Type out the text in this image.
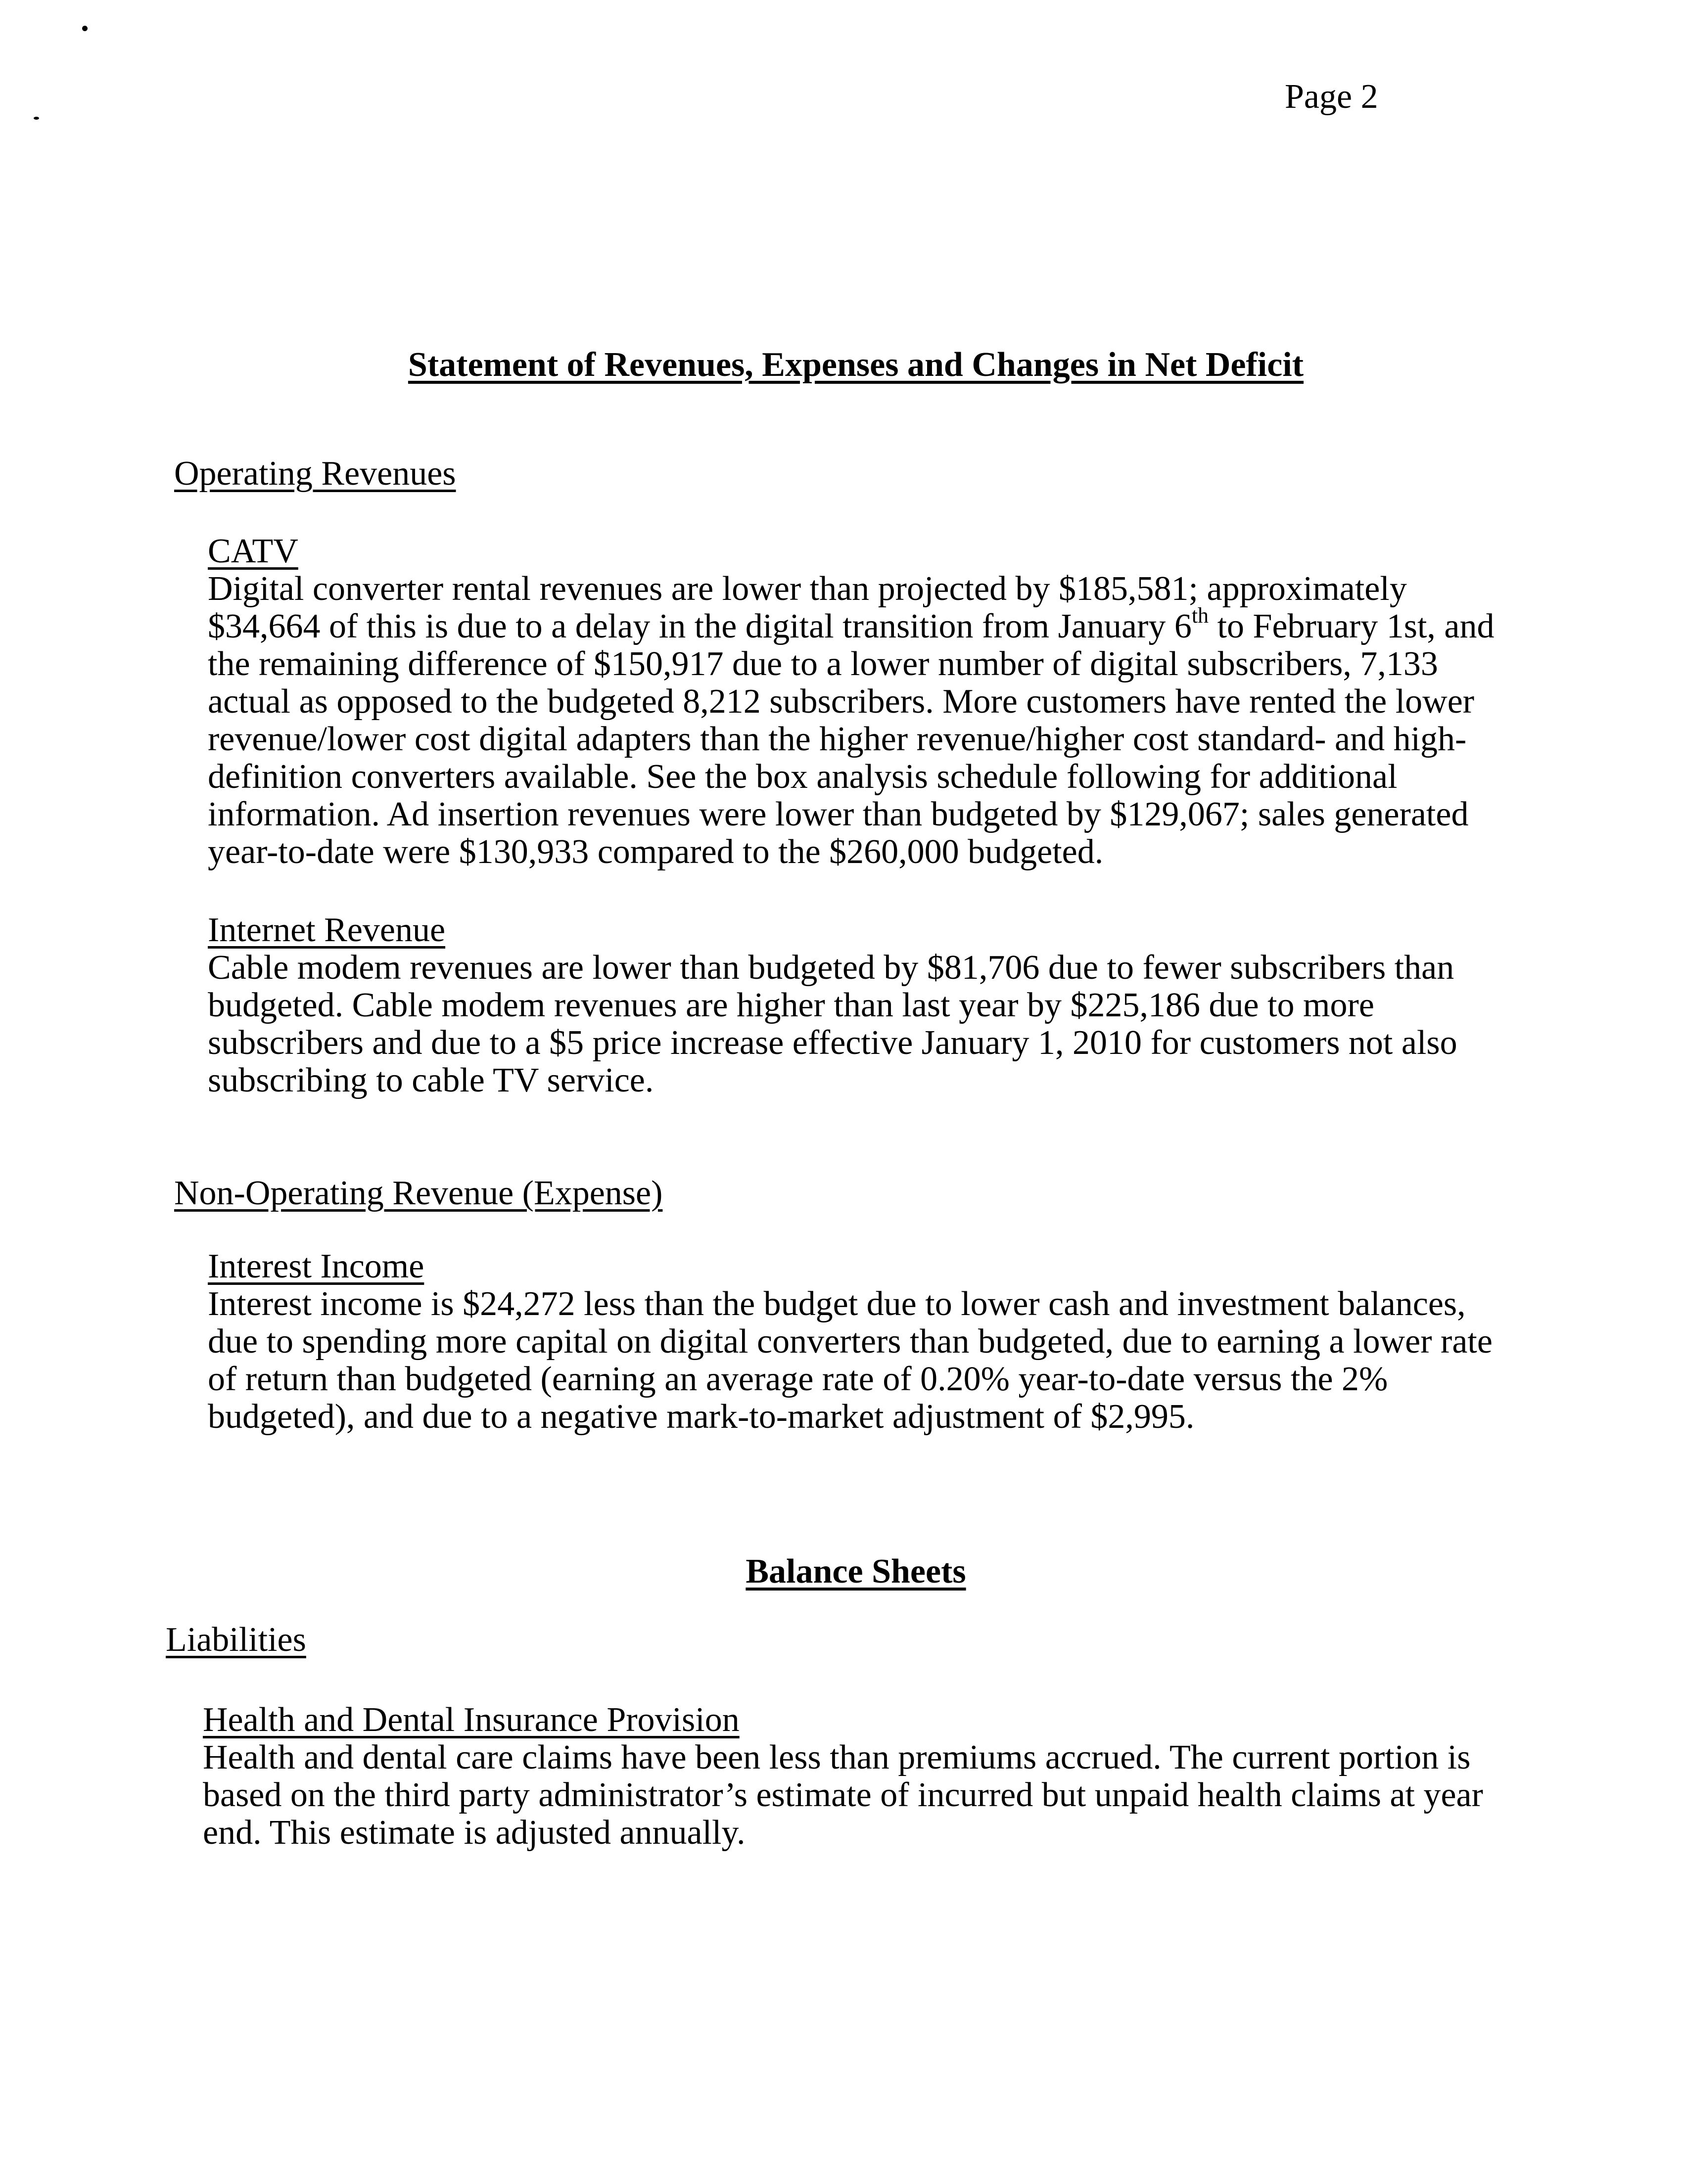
Page 2
Statement of Revenues, Expenses and Changes in Net Deficit
Operating Revenues
CATV
Digital converter rental revenues are lower than projected by $185,581; approximately
$34,664 of this is due to a delay in the digital transition from January 6th to February 1st, and
the remaining difference of $150,917 due to a lower number of digital subscribers, 7,133
actual as opposed to the budgeted 8,212 subscribers. More customers have rented the lower
revenue/lower cost digital adapters than the higher revenue/higher cost standard- and high-
definition converters available. See the box analysis schedule following for additional
information. Ad insertion revenues were lower than budgeted by $129,067; sales generated
year-to-date were $130,933 compared to the $260,000 budgeted.
Internet Revenue
Cable modem revenues are lower than budgeted by $81,706 due to fewer subscribers than
budgeted. Cable modem revenues are higher than last year by $225,186 due to more
subscribers and due to a $5 price increase effective January 1, 2010 for customers not also
subscribing to cable TV service.
Non-Operating Revenue (Expense)
Interest Income
Interest income is $24,272 less than the budget due to lower cash and investment balances,
due to spending more capital on digital converters than budgeted, due to earning a lower rate
of return than budgeted (earning an average rate of 0.20% year-to-date versus the 2%
budgeted), and due to a negative mark-to-market adjustment of $2,995.
Balance Sheets
Liabilities
Health and Dental Insurance Provision
Health and dental care claims have been less than premiums accrued. The current portion is
based on the third party administrator’s estimate of incurred but unpaid health claims at year
end. This estimate is adjusted annually.
